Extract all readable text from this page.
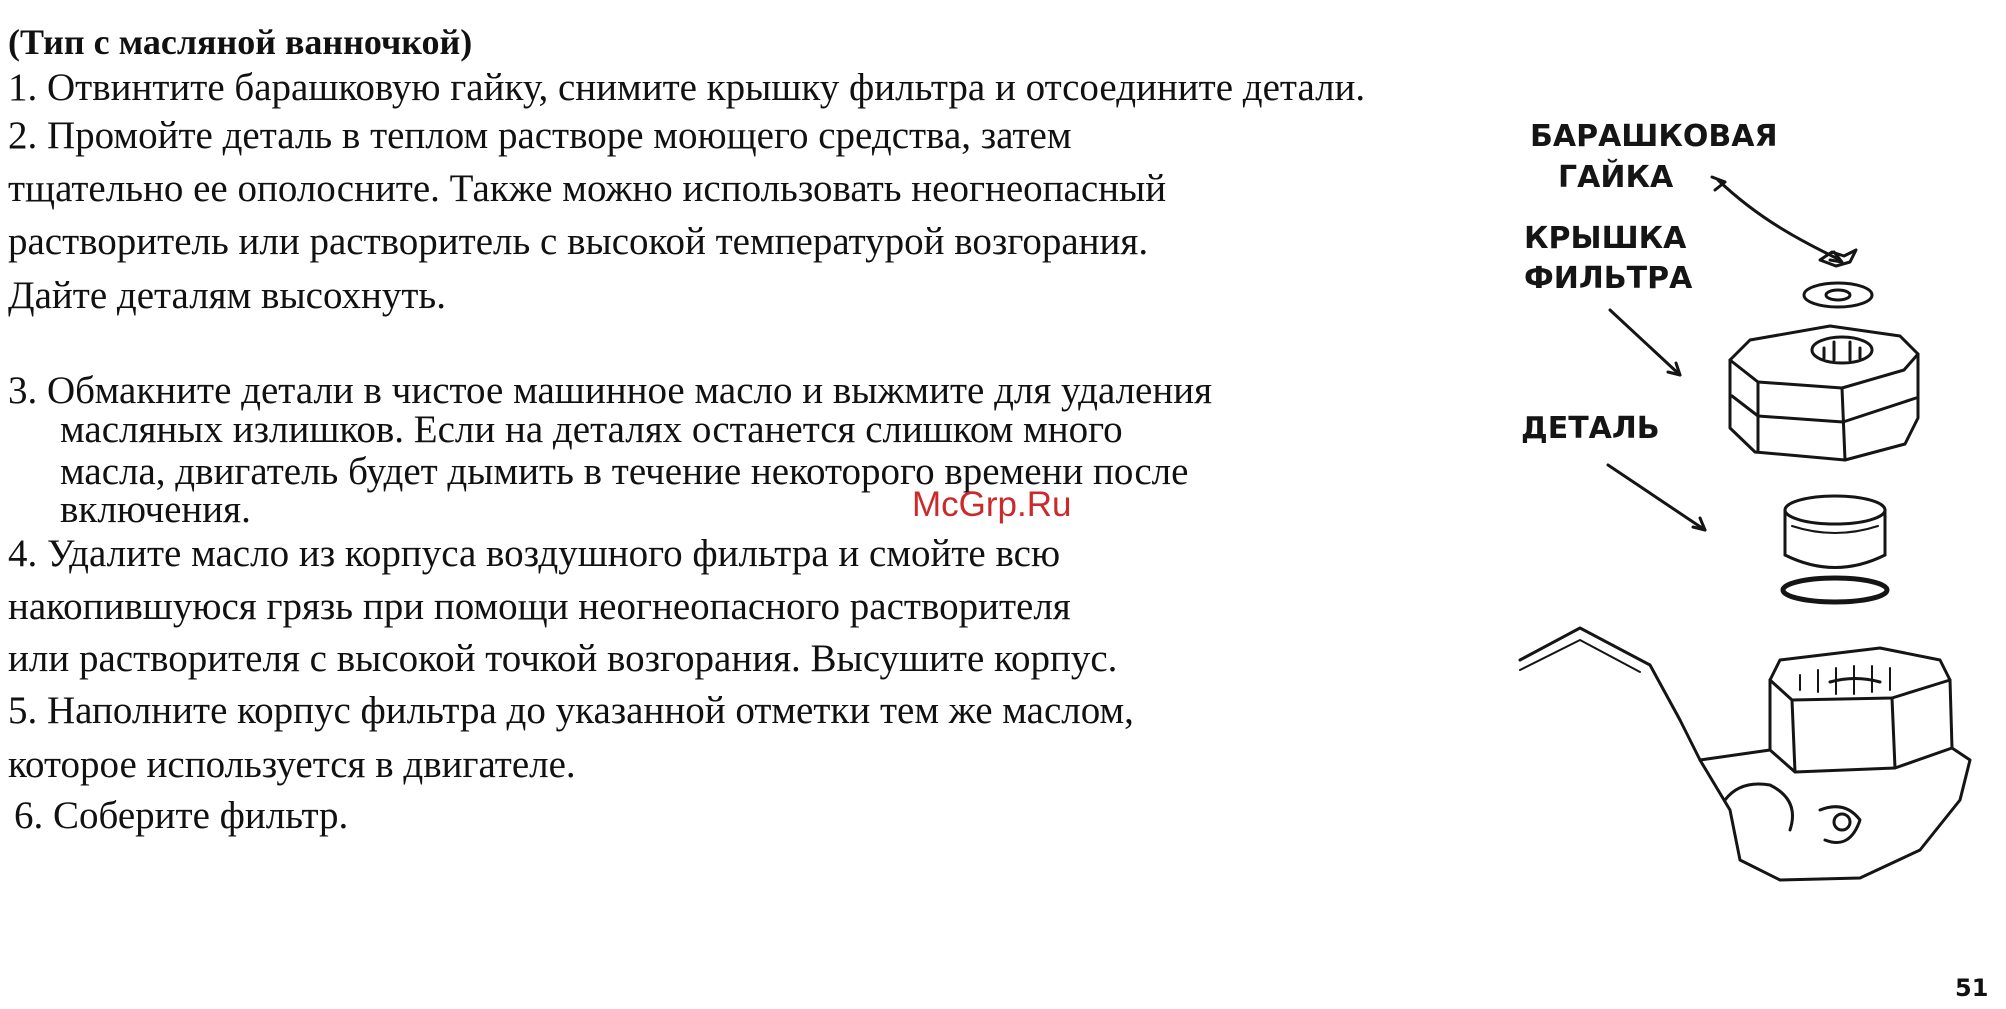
(Тип с масляной ванночкой)

1. Отвинтите барашковую гайку, снимите крышку фильтра и отсоедините детали.

2. Промойте деталь в теплом растворе моющего средства, затем

тщательно ее ополосните. Также можно использовать неогнеопасный

растворитель или растворитель с высокой температурой возгорания.

Дайте деталям высохнуть.

3. Обмакните детали в чистое машинное масло и выжмите для удаления

масляных излишков. Если на деталях останется слишком много

масла, двигатель будет дымить в течение некоторого времени после

включения.

4. Удалите масло из корпуса воздушного фильтра и смойте всю

накопившуюся грязь при помощи неогнеопасного растворителя

или растворителя с высокой точкой возгорания. Высушите корпус.

5. Наполните корпус фильтра до указанной отметки тем же маслом,

которое используется в двигателе.

6. Соберите фильтр.

БАРАШКОВАЯ

ГАЙКА

КРЫШКА

ФИЛЬТРА

ДЕТАЛЬ

McGrp.Ru

51
